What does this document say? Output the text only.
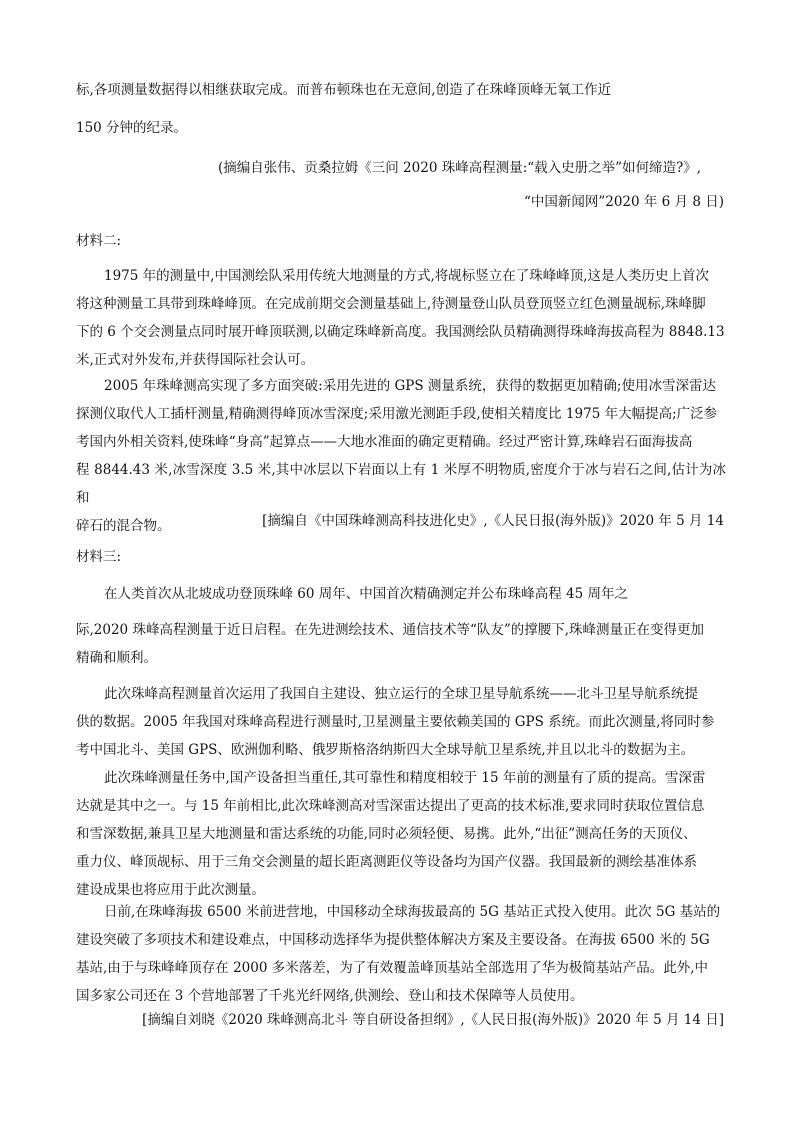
标,各项测量数据得以相继获取完成。而普布顿珠也在无意间,创造了在珠峰顶峰无氧工作近
150 分钟的纪录。
(摘编自张伟、贡桑拉姆《三问 2020 珠峰高程测量:“载入史册之举”如何缔造?》,
“中国新闻网”2020 年 6 月 8 日)
材料二:
1975 年的测量中,中国测绘队采用传统大地测量的方式,将觇标竖立在了珠峰峰顶,这是人类历史上首次
将这种测量工具带到珠峰峰顶。在完成前期交会测量基础上,待测量登山队员登顶竖立红色测量觇标,珠峰脚
下的 6 个交会测量点同时展开峰顶联测,以确定珠峰新高度。我国测绘队员精确测得珠峰海拔高程为 8848.13
米,正式对外发布,并获得国际社会认可。
2005 年珠峰测高实现了多方面突破:采用先进的 GPS 测量系统，获得的数据更加精确;使用冰雪深雷达
探测仪取代人工插杆测量,精确测得峰顶冰雪深度;采用激光测距手段,使相关精度比 1975 年大幅提高;广泛参
考国内外相关资料,使珠峰“身高”起算点——大地水准面的确定更精确。经过严密计算,珠峰岩石面海拔高
程 8844.43 米,冰雪深度 3.5 米,其中冰层以下岩面以上有 1 米厚不明物质,密度介于冰与岩石之间,估计为冰和
碎石的混合物。	[摘编自《中国珠峰测高科技进化史》,《人民日报(海外版)》2020 年 5 月 14
材料三:
在人类首次从北坡成功登顶珠峰 60 周年、中国首次精确测定并公布珠峰高程 45 周年之
际,2020 珠峰高程测量于近日启程。在先进测绘技术、通信技术等“队友”的撑腰下,珠峰测量正在变得更加
精确和顺利。
此次珠峰高程测量首次运用了我国自主建设、独立运行的全球卫星导航系统——北斗卫星导航系统提
供的数据。2005 年我国对珠峰高程进行测量时,卫星测量主要依赖美国的 GPS 系统。而此次测量,将同时参
考中国北斗、美国 GPS、欧洲伽利略、俄罗斯格洛纳斯四大全球导航卫星系统,并且以北斗的数据为主。
此次珠峰测量任务中,国产设备担当重任,其可靠性和精度相较于 15 年前的测量有了质的提高。雪深雷
达就是其中之一。与 15 年前相比,此次珠峰测高对雪深雷达提出了更高的技术标准,要求同时获取位置信息
和雪深数据,兼具卫星大地测量和雷达系统的功能,同时必须轻便、易携。此外,“出征”测高任务的天顶仪、
重力仪、峰顶觇标、用于三角交会测量的超长距离测距仪等设备均为国产仪器。我国最新的测绘基准体系
建设成果也将应用于此次测量。
日前,在珠峰海拔 6500 米前进营地，中国移动全球海拔最高的 5G 基站正式投入使用。此次 5G 基站的
建设突破了多项技术和建设难点，中国移动选择华为提供整体解决方案及主要设备。在海拔 6500 米的 5G
基站,由于与珠峰峰顶存在 2000 多米落差，为了有效覆盖峰顶基站全部选用了华为极简基站产品。此外,中
国多家公司还在 3 个营地部署了千兆光纤网络,供测绘、登山和技术保障等人员使用。
[摘编自刘晓《2020 珠峰测高北斗 等自研设备担纲》,《人民日报(海外版)》2020 年 5 月 14 日]
